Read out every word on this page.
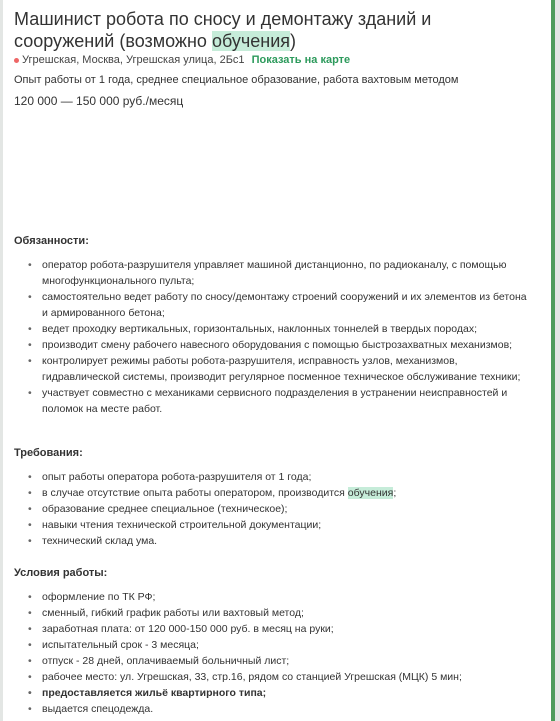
Машинист робота по сносу и демонтажу зданий и сооружений (возможно обучения)
Угрешская, Москва, Угрешская улица, 2Бс1 Показать на карте
Опыт работы от 1 года, среднее специальное образование, работа вахтовым методом
120 000 — 150 000 руб./месяц
Обязанности:
• оператор робота-разрушителя управляет машиной дистанционно, по радиоканалу, с помощью многофункционального пульта;
• самостоятельно ведет работу по сносу/демонтажу строений сооружений и их элементов из бетона и армированного бетона;
• ведет проходку вертикальных, горизонтальных, наклонных тоннелей в твердых породах;
• производит смену рабочего навесного оборудования с помощью быстрозахватных механизмов;
• контролирует режимы работы робота-разрушителя, исправность узлов, механизмов, гидравлической системы, производит регулярное посменное техническое обслуживание техники;
• участвует совместно с механиками сервисного подразделения в устранении неисправностей и поломок на месте работ.
Требования:
• опыт работы оператора робота-разрушителя от 1 года;
• в случае отсутствие опыта работы оператором, производится обучения;
• образование среднее специальное (техническое);
• навыки чтения технической строительной документации;
• технический склад ума.
Условия работы:
• оформление по ТК РФ;
• сменный, гибкий график работы или вахтовый метод;
• заработная плата: от 120 000-150 000 руб. в месяц на руки;
• испытательный срок - 3 месяца;
• отпуск - 28 дней, оплачиваемый больничный лист;
• рабочее место: ул. Угрешская, 33, стр.16, рядом со станцией Угрешская (МЦК) 5 мин;
• предоставляется жильё квартирного типа;
• выдается спецодежда.
